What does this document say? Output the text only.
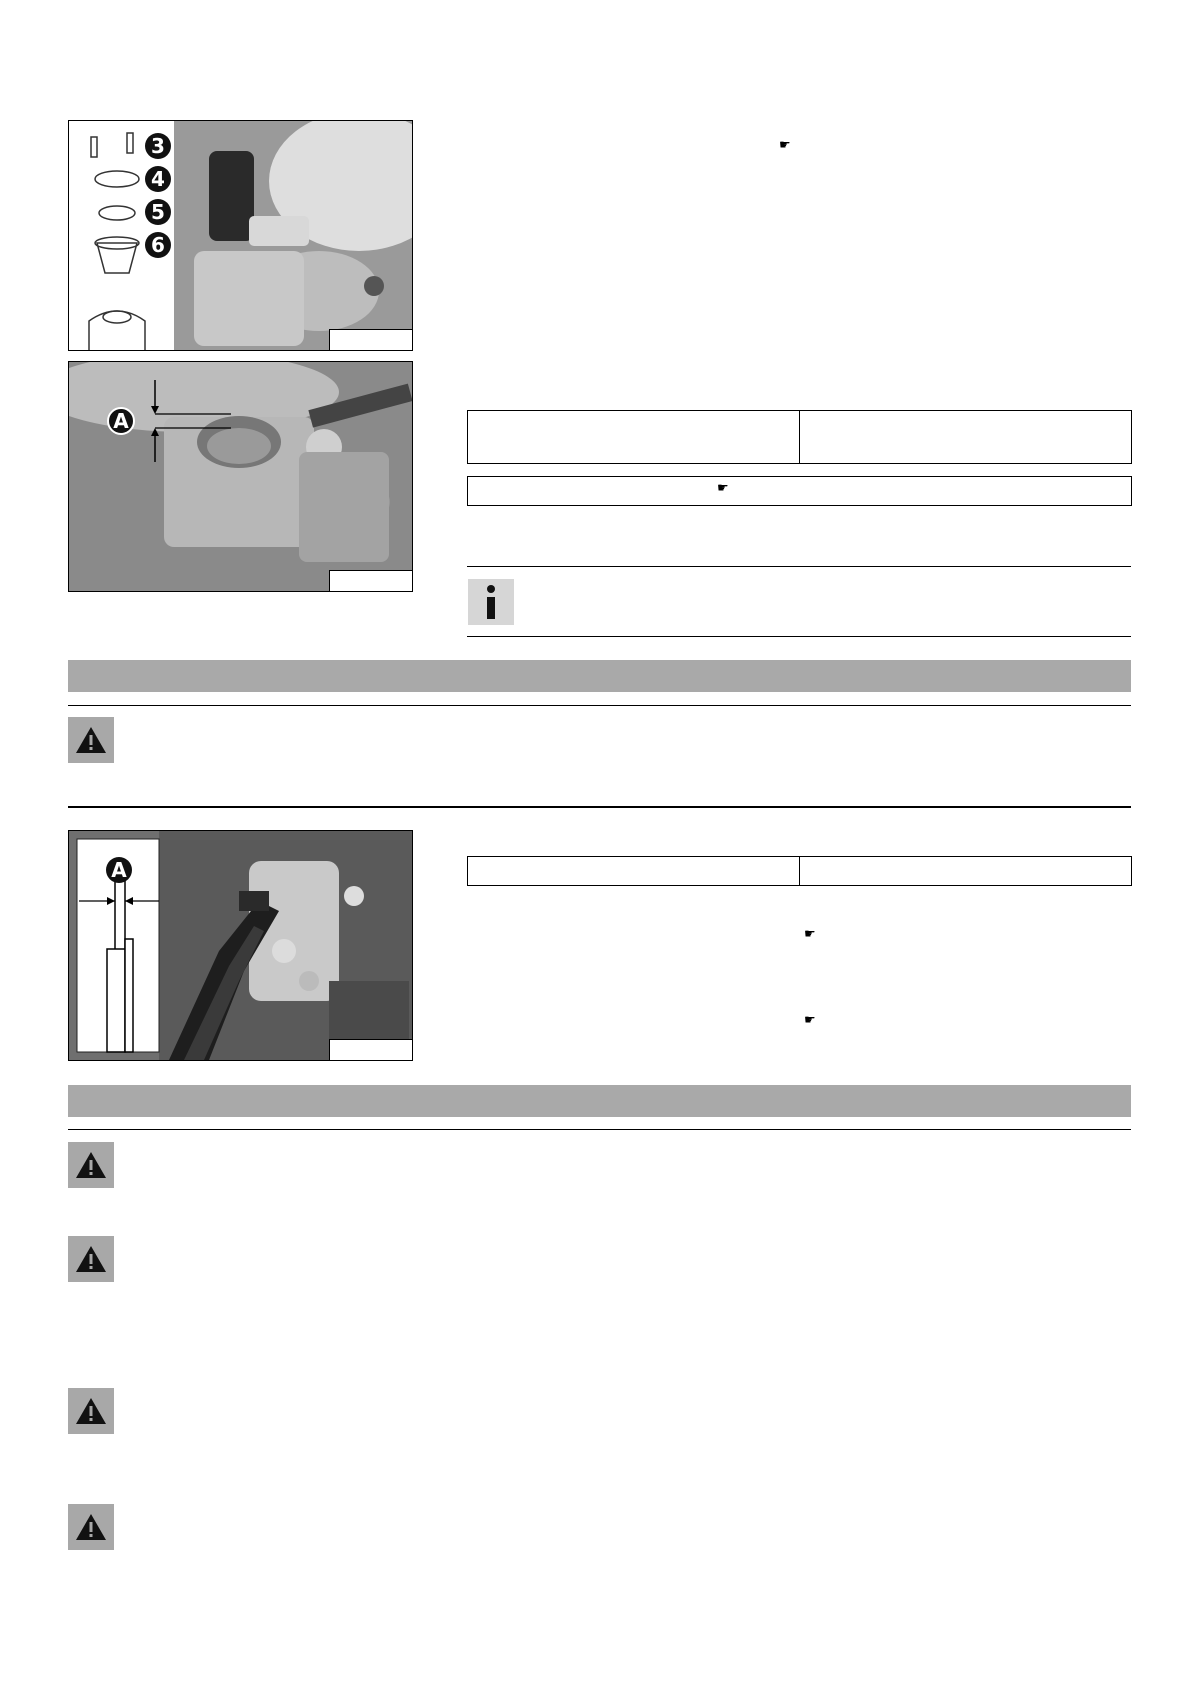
3
4
5
6
A
☛
☛
A
☛
☛
